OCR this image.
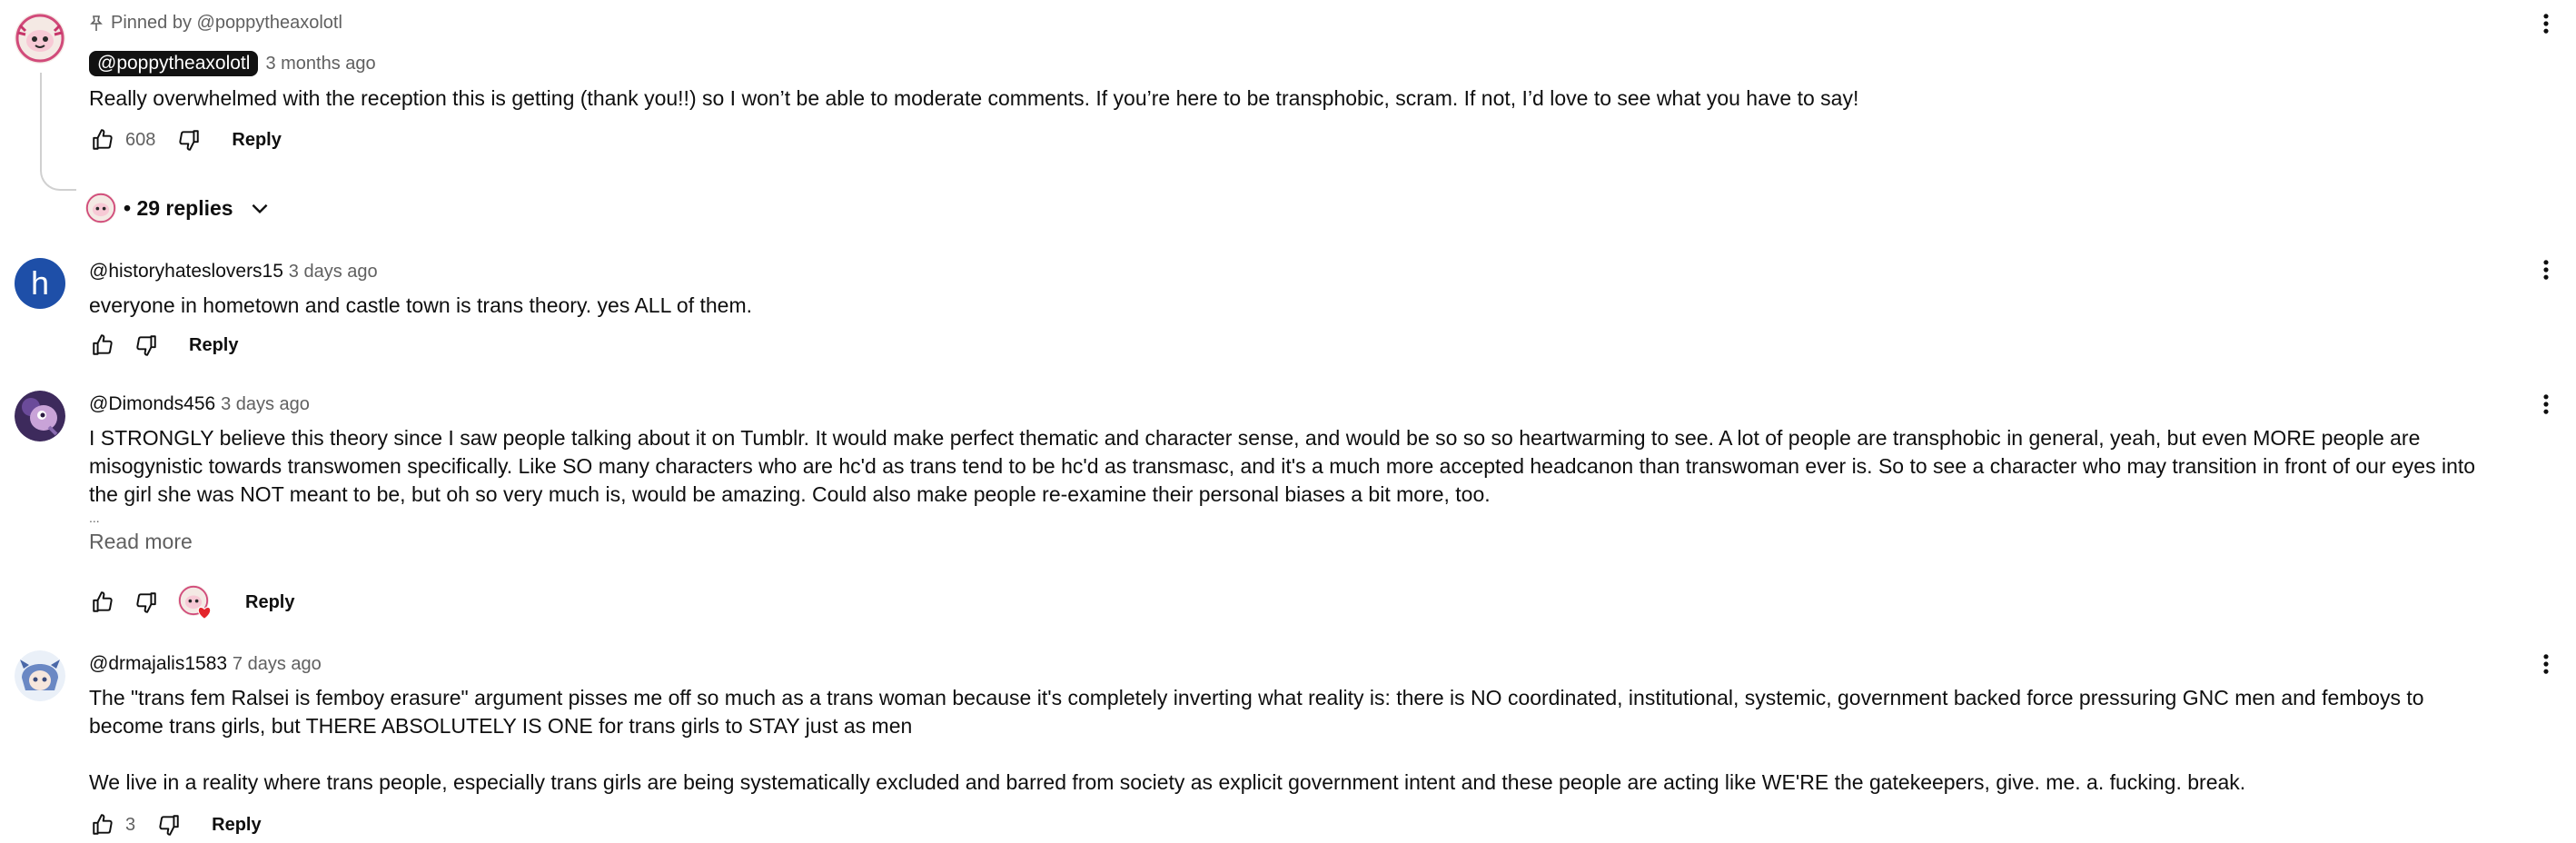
Pinned by @poppytheaxolotl
@poppytheaxolotl 3 months ago
Really overwhelmed with the reception this is getting (thank you!!) so I won’t be able to moderate comments. If you’re here to be transphobic, scram. If not, I’d love to see what you have to say!
608	Reply
• 29 replies
h	@historyhateslovers15 3 days ago
everyone in hometown and castle town is trans theory. yes ALL of them.
Reply
@Dimonds456 3 days ago
I STRONGLY believe this theory since I saw people talking about it on Tumblr. It would make perfect thematic and character sense, and would be so so so heartwarming to see. A lot of people are transphobic in general, yeah, but even MORE people are misogynistic towards transwomen specifically. Like SO many characters who are hc'd as trans tend to be hc'd as transmasc, and it's a much more accepted headcanon than transwoman ever is. So to see a character who may transition in front of our eyes into the girl she was NOT meant to be, but oh so very much is, would be amazing. Could also make people re-examine their personal biases a bit more, too.
...
Read more
Reply
@drmajalis1583 7 days ago

The "trans fem Ralsei is femboy erasure" argument pisses me off so much as a trans woman because it's completely inverting what reality is: there is NO coordinated, institutional, systemic, government backed force pressuring GNC men and femboys to become trans girls, but THERE ABSOLUTELY IS ONE for trans girls to STAY just as men

We live in a reality where trans people, especially trans girls are being systematically excluded and barred from society as explicit government intent and these people are acting like WE'RE the gatekeepers, give. me. a. fucking. break.

3	Reply
